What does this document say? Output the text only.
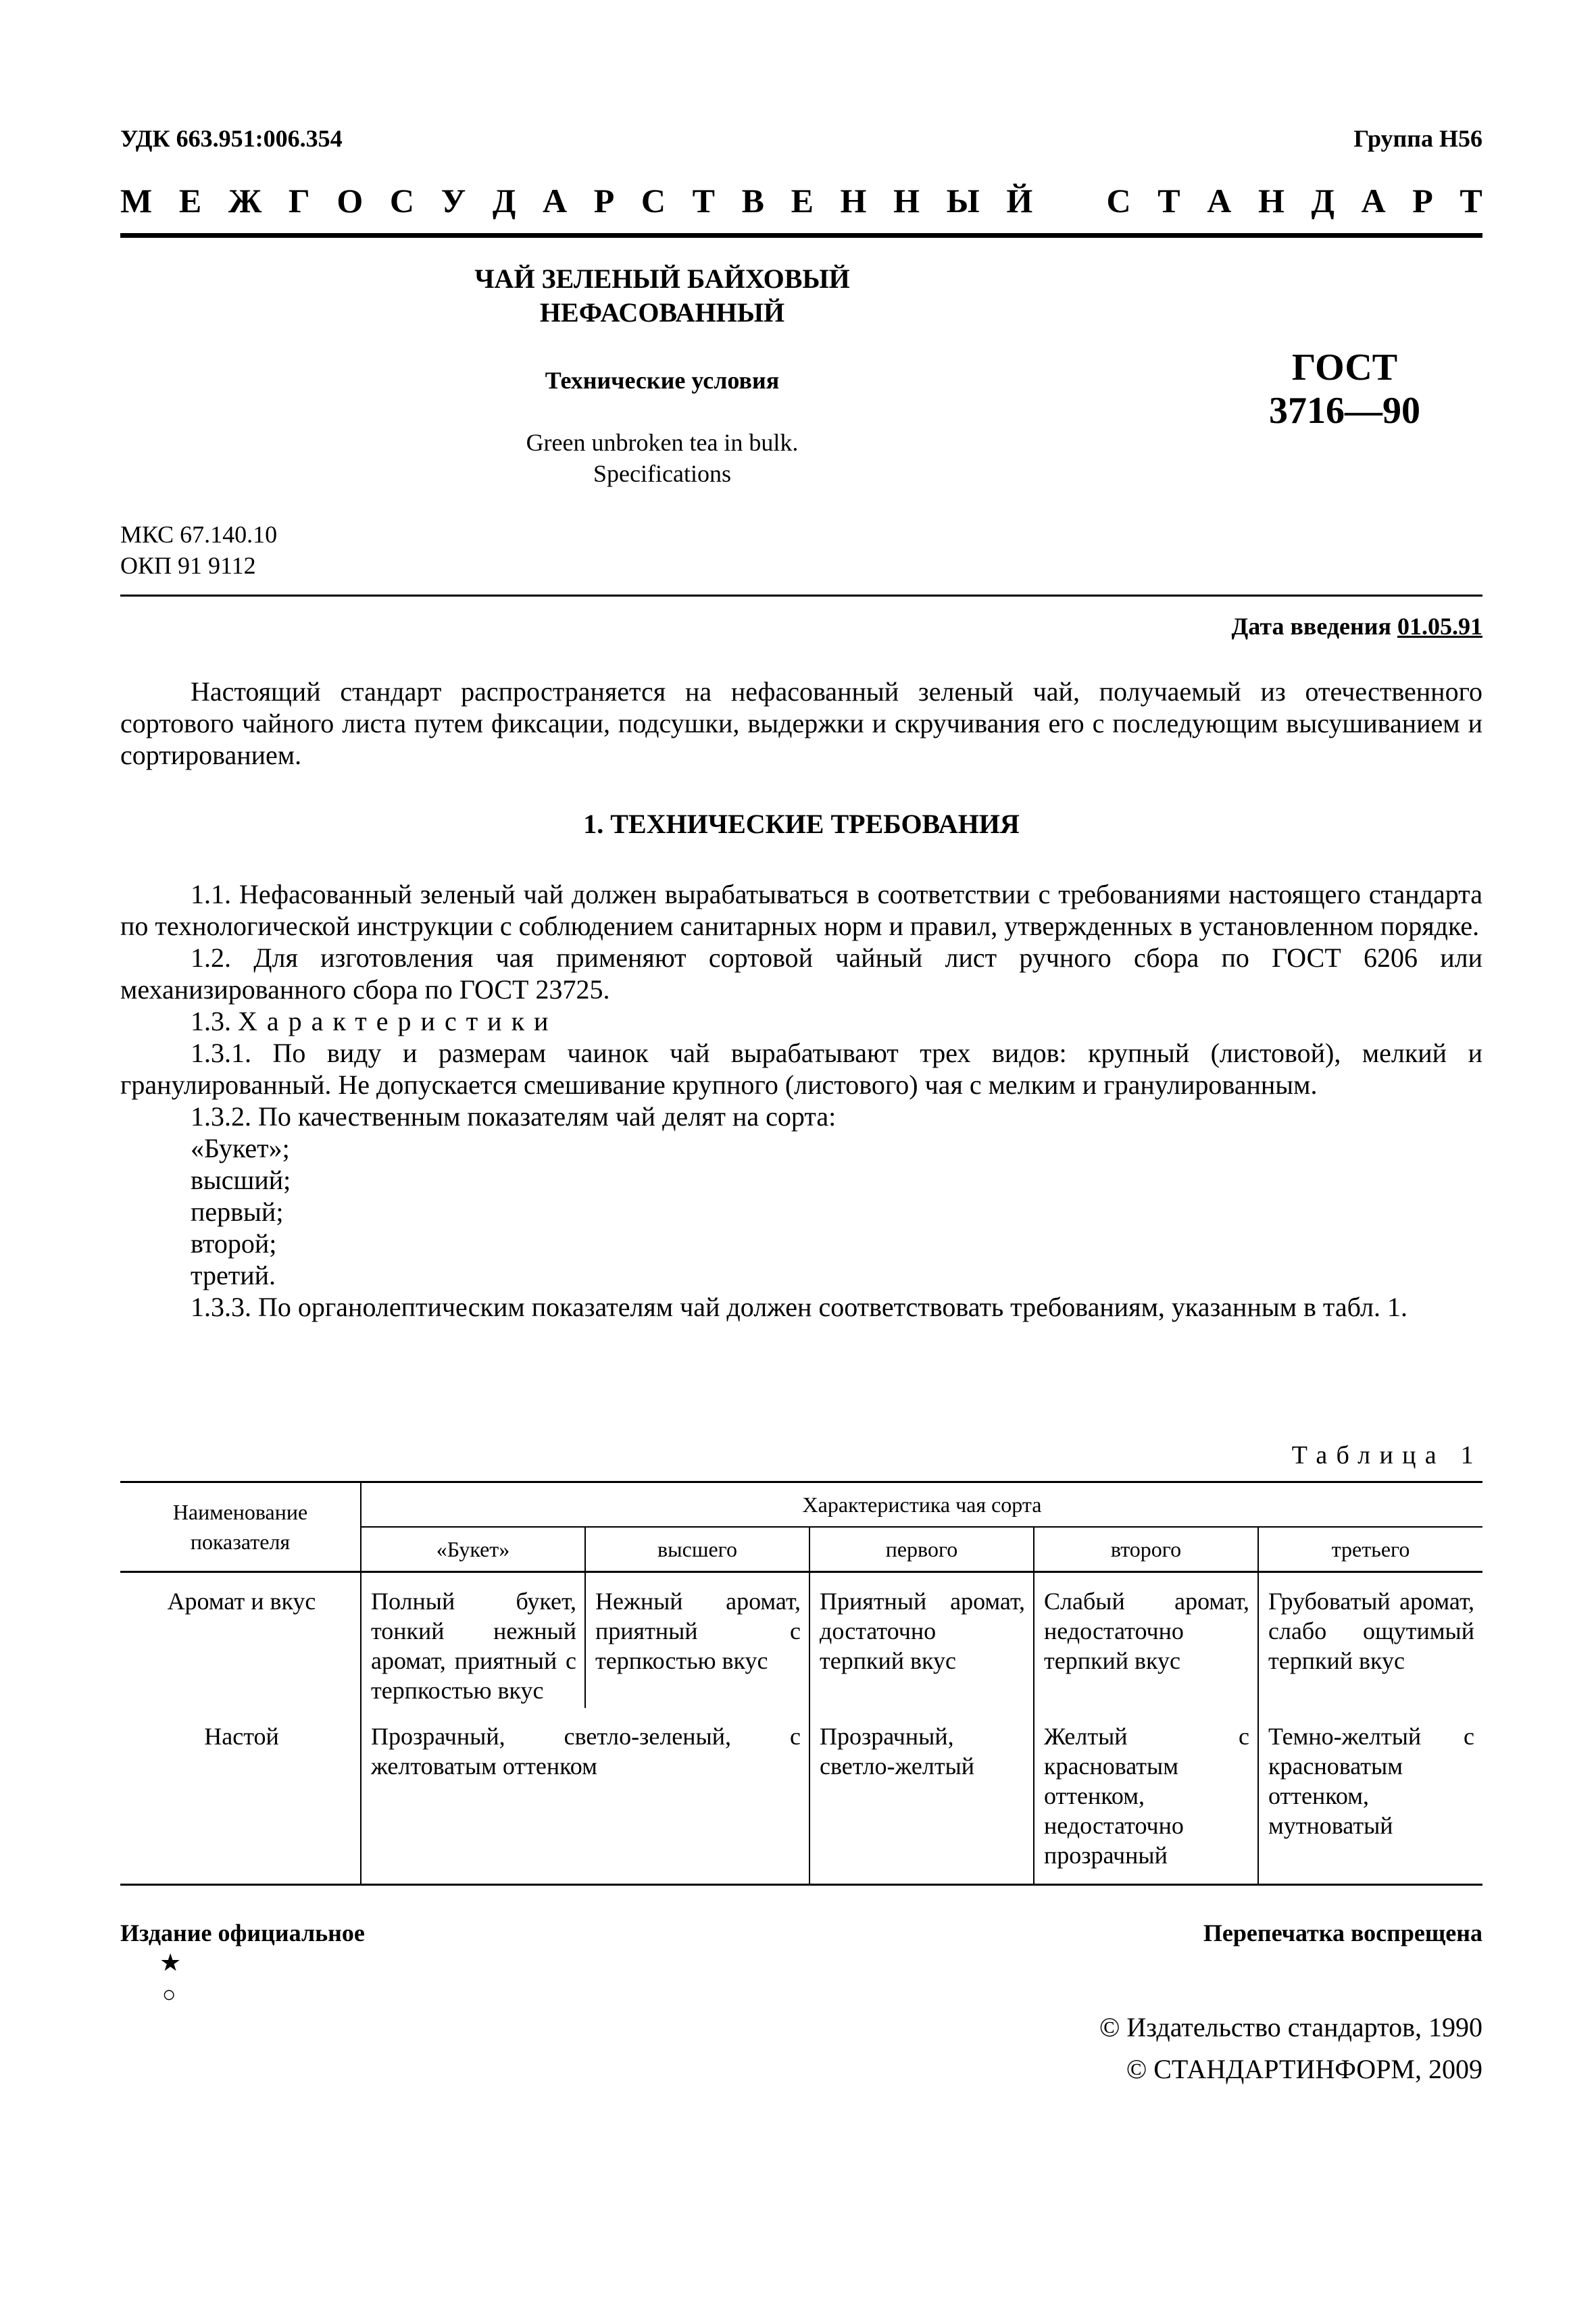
УДК 663.951:006.354	Группа Н56
М Е Ж Г О С У Д А Р С Т В Е Н Н Ы Й С Т А Н Д А Р Т
ЧАЙ ЗЕЛЕНЫЙ БАЙХОВЫЙ
НЕФАСОВАННЫЙ
Технические условия
Green unbroken tea in bulk.
Specifications
ГОСТ
3716—90
МКС 67.140.10
ОКП 91 9112
Дата введения 01.05.91

Настоящий стандарт распространяется на нефасованный зеленый чай, получаемый из отечественного сортового чайного листа путем фиксации, подсушки, выдержки и скручивания его с последующим высушиванием и сортированием.

1. ТЕХНИЧЕСКИЕ ТРЕБОВАНИЯ

1.1. Нефасованный зеленый чай должен вырабатываться в соответствии с требованиями настоящего стандарта по технологической инструкции с соблюдением санитарных норм и правил, утвержденных в установленном порядке.

1.2. Для изготовления чая применяют сортовой чайный лист ручного сбора по ГОСТ 6206 или механизированного сбора по ГОСТ 23725.

1.3. Характеристики

1.3.1. По виду и размерам чаинок чай вырабатывают трех видов: крупный (листовой), мелкий и гранулированный. Не допускается смешивание крупного (листового) чая с мелким и гранулированным.

1.3.2. По качественным показателям чай делят на сорта:

«Букет»;

высший;

первый;

второй;

третий.

1.3.3. По органолептическим показателям чай должен соответствовать требованиям, указанным в табл. 1.

Таблица 1
Наименование показателя	Характеристика чая сорта				
	«Букет»	высшего	первого	второго	третьего
Аромат и вкус	Полный букет, тонкий нежный аромат, приятный с терпкостью вкус	Нежный аромат, приятный с терпкостью вкус	Приятный аромат, достаточно терпкий вкус	Слабый аромат, недостаточно терпкий вкус	Грубоватый аромат, слабо ощутимый терпкий вкус
Настой	Прозрачный, светло-зеленый, с желтоватым оттенком		Прозрачный, светло-желтый	Желтый с красноватым оттенком, недостаточно прозрачный	Темно-желтый с красноватым оттенком, мутноватый
Издание официальное	Перепечатка воспрещена
★
○
© Издательство стандартов, 1990
© СТАНДАРТИНФОРМ, 2009
